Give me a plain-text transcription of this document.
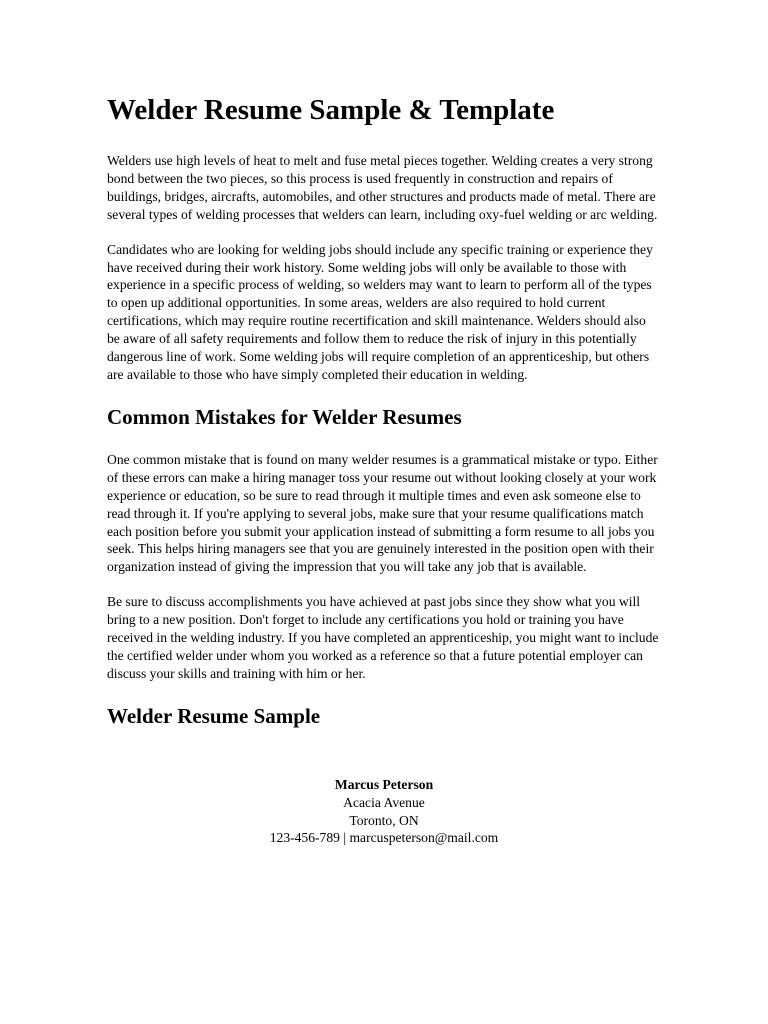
Welder Resume Sample & Template

Welders use high levels of heat to melt and fuse metal pieces together. Welding creates a very strong bond between the two pieces, so this process is used frequently in construction and repairs of buildings, bridges, aircrafts, automobiles, and other structures and products made of metal. There are several types of welding processes that welders can learn, including oxy-fuel welding or arc welding.

Candidates who are looking for welding jobs should include any specific training or experience they have received during their work history. Some welding jobs will only be available to those with experience in a specific process of welding, so welders may want to learn to perform all of the types to open up additional opportunities. In some areas, welders are also required to hold current certifications, which may require routine recertification and skill maintenance. Welders should also be aware of all safety requirements and follow them to reduce the risk of injury in this potentially dangerous line of work. Some welding jobs will require completion of an apprenticeship, but others are available to those who have simply completed their education in welding.

Common Mistakes for Welder Resumes

One common mistake that is found on many welder resumes is a grammatical mistake or typo. Either of these errors can make a hiring manager toss your resume out without looking closely at your work experience or education, so be sure to read through it multiple times and even ask someone else to read through it. If you're applying to several jobs, make sure that your resume qualifications match each position before you submit your application instead of submitting a form resume to all jobs you seek. This helps hiring managers see that you are genuinely interested in the position open with their organization instead of giving the impression that you will take any job that is available.

Be sure to discuss accomplishments you have achieved at past jobs since they show what you will bring to a new position. Don't forget to include any certifications you hold or training you have received in the welding industry. If you have completed an apprenticeship, you might want to include the certified welder under whom you worked as a reference so that a future potential employer can discuss your skills and training with him or her.

Welder Resume Sample
Marcus Peterson
Acacia Avenue
Toronto, ON
123-456-789 | marcuspeterson@mail.com
